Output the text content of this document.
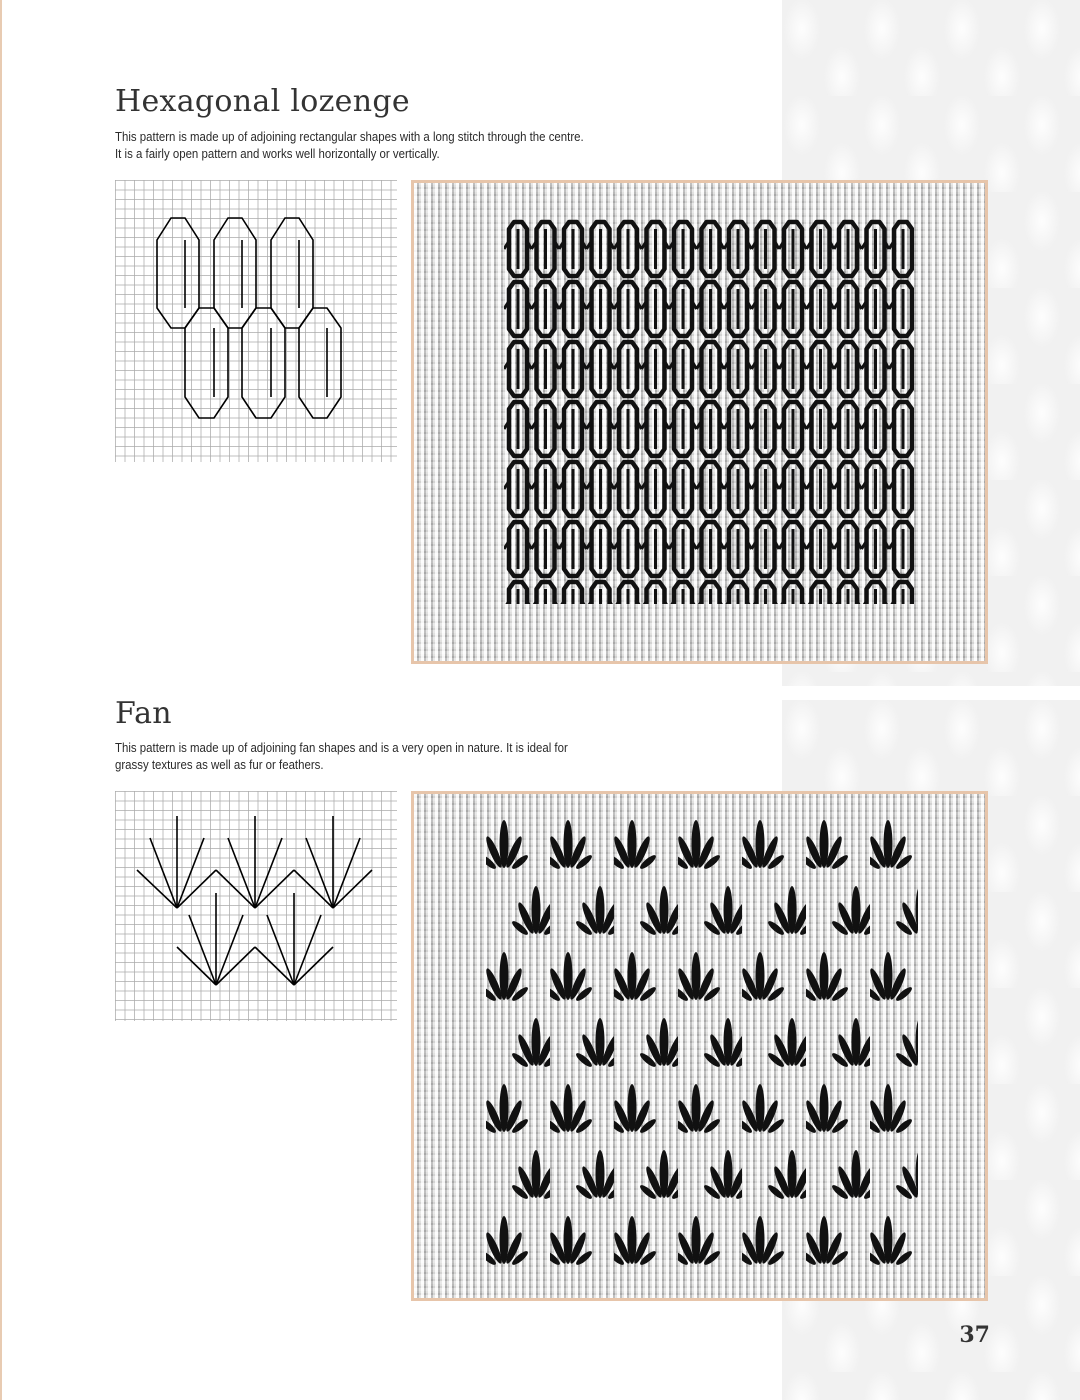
Hexagonal lozenge

This pattern is made up of adjoining rectangular shapes with a long stitch through the centre.
It is a fairly open pattern and works well horizontally or vertically.

Fan

This pattern is made up of adjoining fan shapes and is a very open in nature. It is ideal for
grassy textures as well as fur or feathers.

37
